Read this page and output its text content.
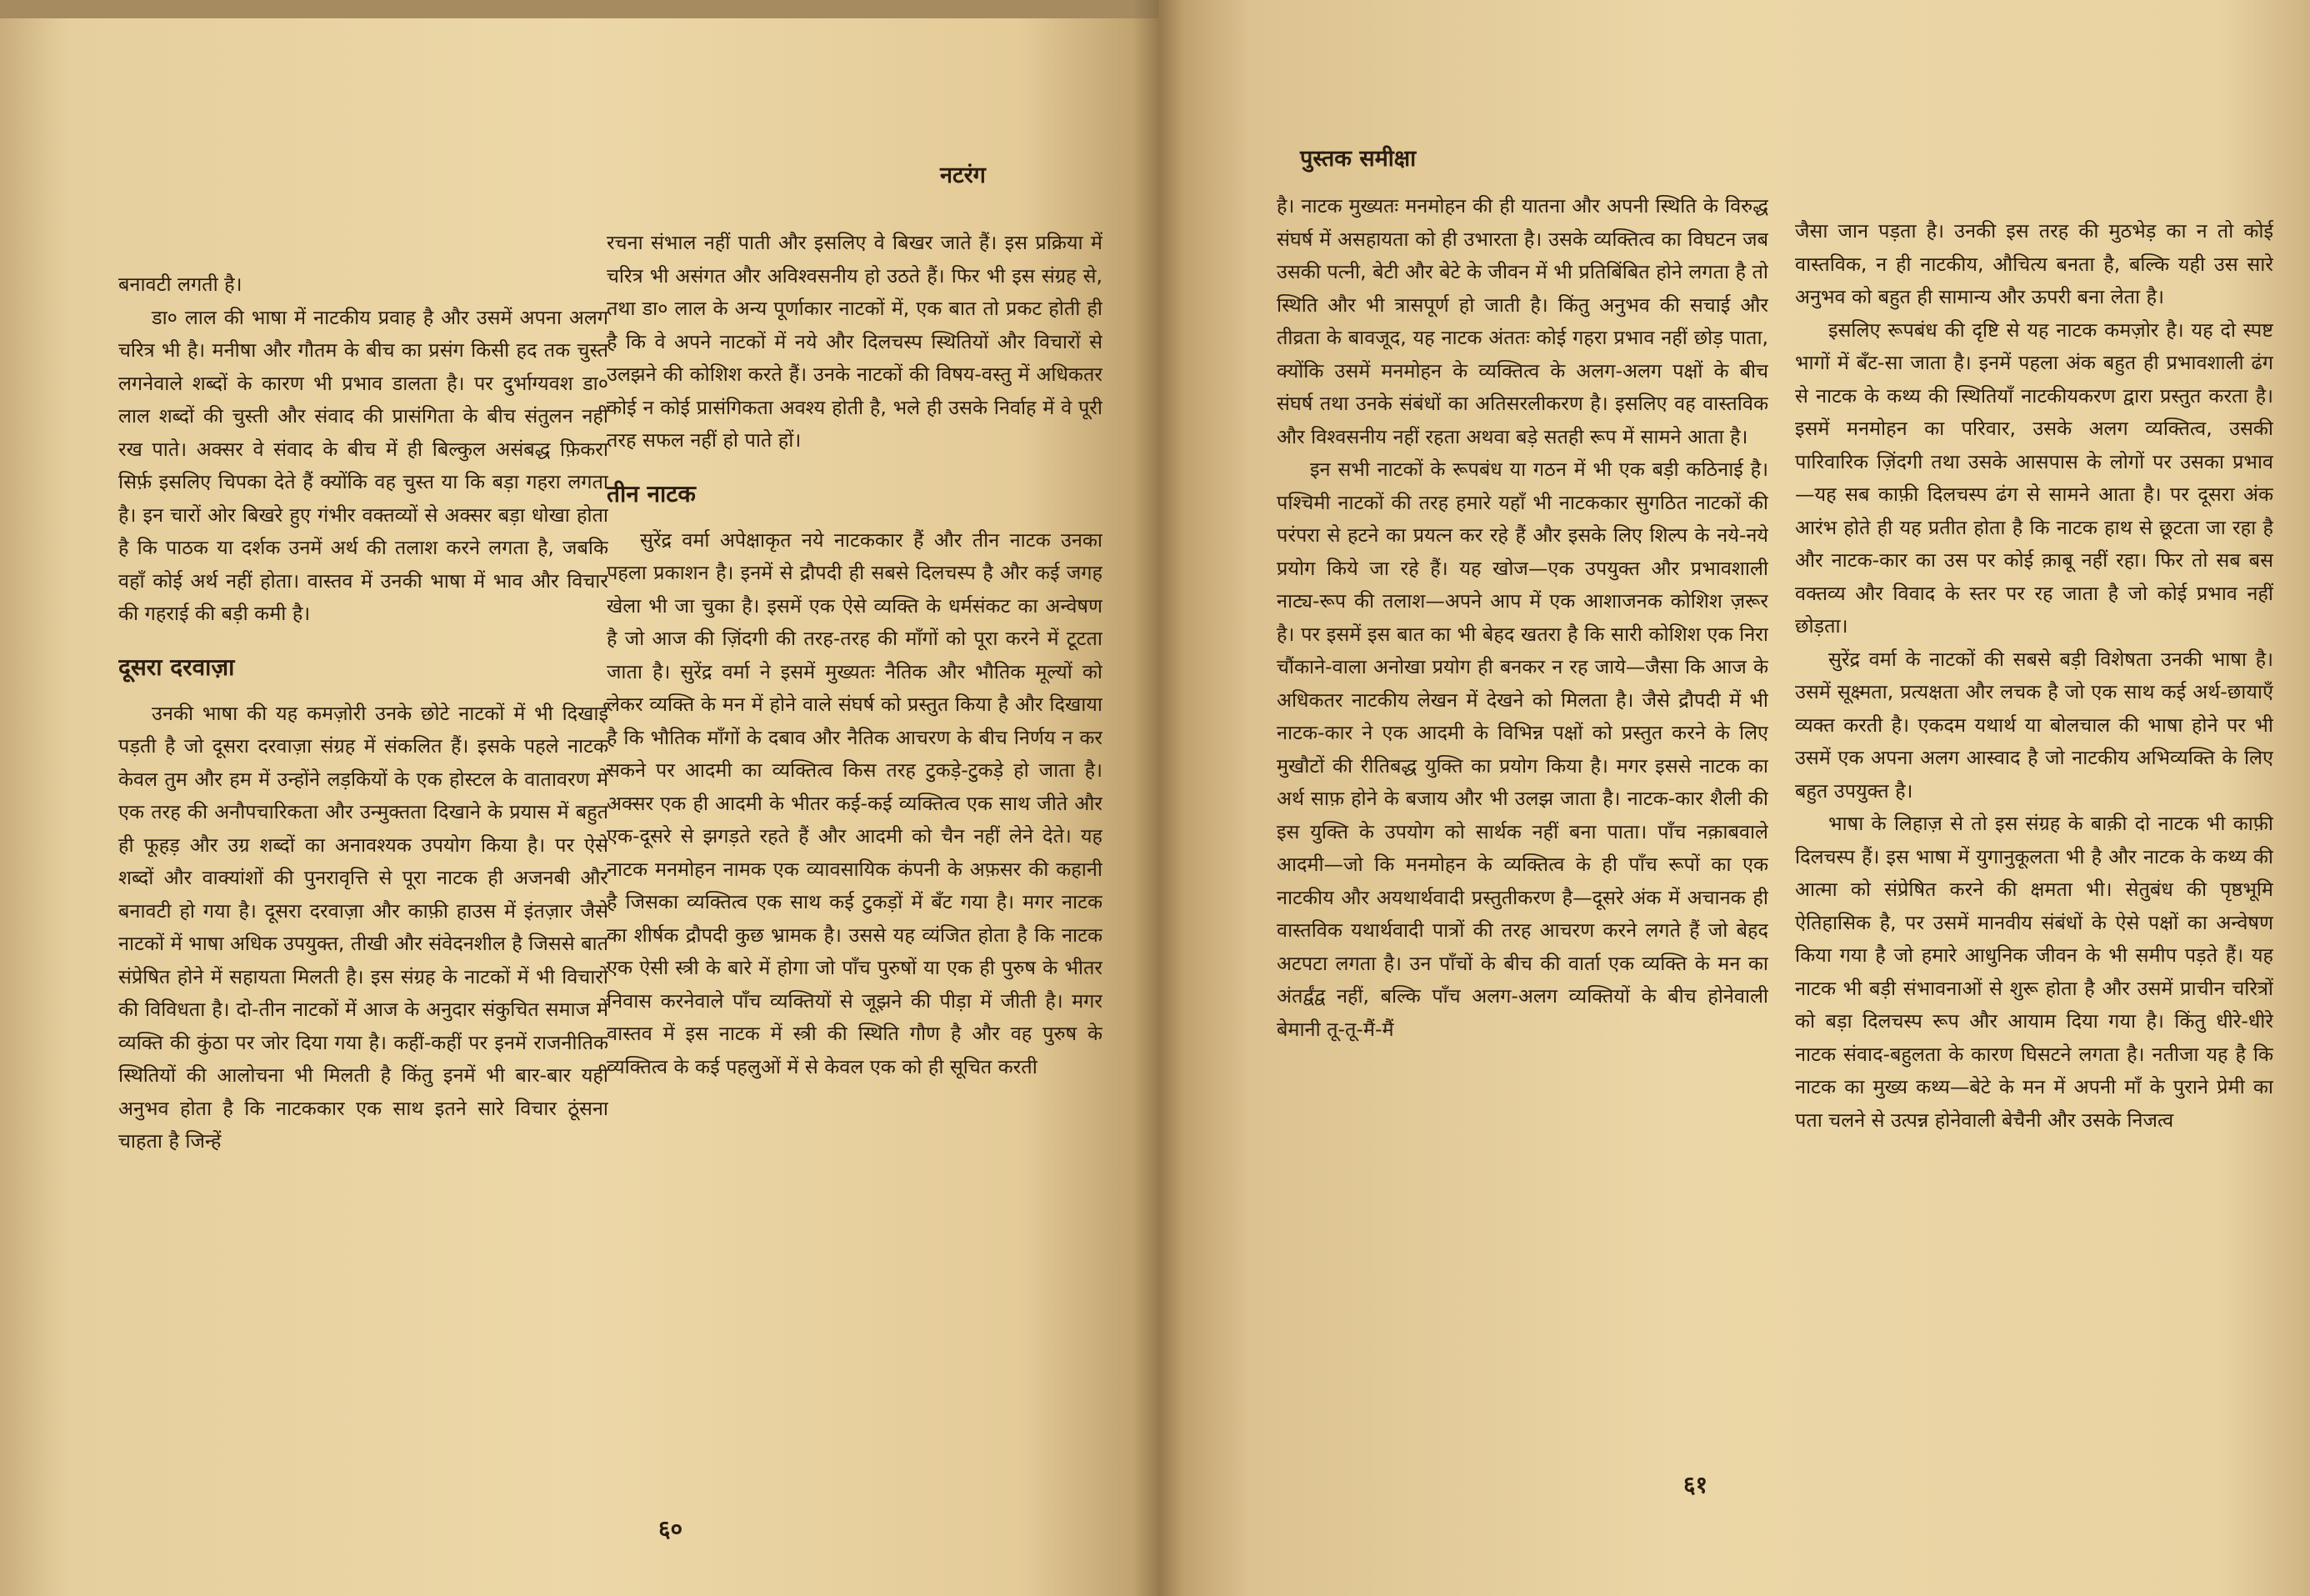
नटरंग

बनावटी लगती है।

डा० लाल की भाषा में नाटकीय प्रवाह है और उसमें अपना अलग चरित्र भी है। मनीषा और गौतम के बीच का प्रसंग किसी हद तक चुस्त लगनेवाले शब्दों के कारण भी प्रभाव डालता है। पर दुर्भाग्यवश डा० लाल शब्दों की चुस्ती और संवाद की प्रासंगिता के बीच संतुलन नहीं रख पाते। अक्सर वे संवाद के बीच में ही बिल्कुल असंबद्ध फ़िकरा सिर्फ़ इसलिए चिपका देते हैं क्योंकि वह चुस्त या कि बड़ा गहरा लगता है। इन चारों ओर बिखरे हुए गंभीर वक्तव्यों से अक्सर बड़ा धोखा होता है कि पाठक या दर्शक उनमें अर्थ की तलाश करने लगता है, जबकि वहाँ कोई अर्थ नहीं होता। वास्तव में उनकी भाषा में भाव और विचार की गहराई की बड़ी कमी है।

दूसरा दरवाज़ा

उनकी भाषा की यह कमज़ोरी उनके छोटे नाटकों में भी दिखाई पड़ती है जो दूसरा दरवाज़ा संग्रह में संकलित हैं। इसके पहले नाटक केवल तुम और हम में उन्होंने लड़कियों के एक होस्टल के वातावरण में एक तरह की अनौपचारिकता और उन्मुक्तता दिखाने के प्रयास में बहुत ही फूहड़ और उग्र शब्दों का अनावश्यक उपयोग किया है। पर ऐसे शब्दों और वाक्यांशों की पुनरावृत्ति से पूरा नाटक ही अजनबी और बनावटी हो गया है। दूसरा दरवाज़ा और काफ़ी हाउस में इंतज़ार जैसे नाटकों में भाषा अधिक उपयुक्त, तीखी और संवेदनशील है जिससे बात संप्रेषित होने में सहायता मिलती है। इस संग्रह के नाटकों में भी विचारों की विविधता है। दो-तीन नाटकों में आज के अनुदार संकुचित समाज में व्यक्ति की कुंठा पर जोर दिया गया है। कहीं-कहीं पर इनमें राजनीतिक स्थितियों की आलोचना भी मिलती है किंतु इनमें भी बार-बार यही अनुभव होता है कि नाटककार एक साथ इतने सारे विचार ठूंसना चाहता है जिन्हें

रचना संभाल नहीं पाती और इसलिए वे बिखर जाते हैं। इस प्रक्रिया में चरित्र भी असंगत और अविश्वसनीय हो उठते हैं। फिर भी इस संग्रह से, तथा डा० लाल के अन्य पूर्णाकार नाटकों में, एक बात तो प्रकट होती ही है कि वे अपने नाटकों में नये और दिलचस्प स्थितियों और विचारों से उलझने की कोशिश करते हैं। उनके नाटकों की विषय-वस्तु में अधिकतर कोई न कोई प्रासंगिकता अवश्य होती है, भले ही उसके निर्वाह में वे पूरी तरह सफल नहीं हो पाते हों।

तीन नाटक

सुरेंद्र वर्मा अपेक्षाकृत नये नाटककार हैं और तीन नाटक उनका पहला प्रकाशन है। इनमें से द्रौपदी ही सबसे दिलचस्प है और कई जगह खेला भी जा चुका है। इसमें एक ऐसे व्यक्ति के धर्मसंकट का अन्वेषण है जो आज की ज़िंदगी की तरह-तरह की माँगों को पूरा करने में टूटता जाता है। सुरेंद्र वर्मा ने इसमें मुख्यतः नैतिक और भौतिक मूल्यों को लेकर व्यक्ति के मन में होने वाले संघर्ष को प्रस्तुत किया है और दिखाया है कि भौतिक माँगों के दबाव और नैतिक आचरण के बीच निर्णय न कर सकने पर आदमी का व्यक्तित्व किस तरह टुकड़े-टुकड़े हो जाता है। अक्सर एक ही आदमी के भीतर कई-कई व्यक्तित्व एक साथ जीते और एक-दूसरे से झगड़ते रहते हैं और आदमी को चैन नहीं लेने देते। यह नाटक मनमोहन नामक एक व्यावसायिक कंपनी के अफ़सर की कहानी है जिसका व्यक्तित्व एक साथ कई टुकड़ों में बँट गया है। मगर नाटक का शीर्षक द्रौपदी कुछ भ्रामक है। उससे यह व्यंजित होता है कि नाटक एक ऐसी स्त्री के बारे में होगा जो पाँच पुरुषों या एक ही पुरुष के भीतर निवास करनेवाले पाँच व्यक्तियों से जूझने की पीड़ा में जीती है। मगर वास्तव में इस नाटक में स्त्री की स्थिति गौण है और वह पुरुष के व्यक्तित्व के कई पहलुओं में से केवल एक को ही सूचित करती

६०
पुस्तक समीक्षा

है। नाटक मुख्यतः मनमोहन की ही यातना और अपनी स्थिति के विरुद्ध संघर्ष में असहायता को ही उभारता है। उसके व्यक्तित्व का विघटन जब उसकी पत्नी, बेटी और बेटे के जीवन में भी प्रतिबिंबित होने लगता है तो स्थिति और भी त्रासपूर्ण हो जाती है। किंतु अनुभव की सचाई और तीव्रता के बावजूद, यह नाटक अंततः कोई गहरा प्रभाव नहीं छोड़ पाता, क्योंकि उसमें मनमोहन के व्यक्तित्व के अलग-अलग पक्षों के बीच संघर्ष तथा उनके संबंधों का अतिसरलीकरण है। इसलिए वह वास्तविक और विश्वसनीय नहीं रहता अथवा बड़े सतही रूप में सामने आता है।

इन सभी नाटकों के रूपबंध या गठन में भी एक बड़ी कठिनाई है। पश्चिमी नाटकों की तरह हमारे यहाँ भी नाटककार सुगठित नाटकों की परंपरा से हटने का प्रयत्न कर रहे हैं और इसके लिए शिल्प के नये-नये प्रयोग किये जा रहे हैं। यह खोज—एक उपयुक्त और प्रभावशाली नाट्य-रूप की तलाश—अपने आप में एक आशाजनक कोशिश ज़रूर है। पर इसमें इस बात का भी बेहद खतरा है कि सारी कोशिश एक निरा चौंकाने-वाला अनोखा प्रयोग ही बनकर न रह जाये—जैसा कि आज के अधिकतर नाटकीय लेखन में देखने को मिलता है। जैसे द्रौपदी में भी नाटक-कार ने एक आदमी के विभिन्न पक्षों को प्रस्तुत करने के लिए मुखौटों की रीतिबद्ध युक्ति का प्रयोग किया है। मगर इससे नाटक का अर्थ साफ़ होने के बजाय और भी उलझ जाता है। नाटक-कार शैली की इस युक्ति के उपयोग को सार्थक नहीं बना पाता। पाँच नक़ाबवाले आदमी—जो कि मनमोहन के व्यक्तित्व के ही पाँच रूपों का एक नाटकीय और अयथार्थवादी प्रस्तुतीकरण है—दूसरे अंक में अचानक ही वास्तविक यथार्थवादी पात्रों की तरह आचरण करने लगते हैं जो बेहद अटपटा लगता है। उन पाँचों के बीच की वार्ता एक व्यक्ति के मन का अंतर्द्वंद्व नहीं, बल्कि पाँच अलग-अलग व्यक्तियों के बीच होनेवाली बेमानी तू-तू-मैं-मैं

जैसा जान पड़ता है। उनकी इस तरह की मुठभेड़ का न तो कोई वास्तविक, न ही नाटकीय, औचित्य बनता है, बल्कि यही उस सारे अनुभव को बहुत ही सामान्य और ऊपरी बना लेता है।

इसलिए रूपबंध की दृष्टि से यह नाटक कमज़ोर है। यह दो स्पष्ट भागों में बँट-सा जाता है। इनमें पहला अंक बहुत ही प्रभावशाली ढंग से नाटक के कथ्य की स्थितियाँ नाटकीयकरण द्वारा प्रस्तुत करता है। इसमें मनमोहन का परिवार, उसके अलग व्यक्तित्व, उसकी पारिवारिक ज़िंदगी तथा उसके आसपास के लोगों पर उसका प्रभाव—यह सब काफ़ी दिलचस्प ढंग से सामने आता है। पर दूसरा अंक आरंभ होते ही यह प्रतीत होता है कि नाटक हाथ से छूटता जा रहा है और नाटक-कार का उस पर कोई क़ाबू नहीं रहा। फिर तो सब बस वक्तव्य और विवाद के स्तर पर रह जाता है जो कोई प्रभाव नहीं छोड़ता।

सुरेंद्र वर्मा के नाटकों की सबसे बड़ी विशेषता उनकी भाषा है। उसमें सूक्ष्मता, प्रत्यक्षता और लचक है जो एक साथ कई अर्थ-छायाएँ व्यक्त करती है। एकदम यथार्थ या बोलचाल की भाषा होने पर भी उसमें एक अपना अलग आस्वाद है जो नाटकीय अभिव्यक्ति के लिए बहुत उपयुक्त है।

भाषा के लिहाज़ से तो इस संग्रह के बाक़ी दो नाटक भी काफ़ी दिलचस्प हैं। इस भाषा में युगानुकूलता भी है और नाटक के कथ्य की आत्मा को संप्रेषित करने की क्षमता भी। सेतुबंध की पृष्ठभूमि ऐतिहासिक है, पर उसमें मानवीय संबंधों के ऐसे पक्षों का अन्वेषण किया गया है जो हमारे आधुनिक जीवन के भी समीप पड़ते हैं। यह नाटक भी बड़ी संभावनाओं से शुरू होता है और उसमें प्राचीन चरित्रों को बड़ा दिलचस्प रूप और आयाम दिया गया है। किंतु धीरे-धीरे नाटक संवाद-बहुलता के कारण घिसटने लगता है। नतीजा यह है कि नाटक का मुख्य कथ्य—बेटे के मन में अपनी माँ के पुराने प्रेमी का पता चलने से उत्पन्न होनेवाली बेचैनी और उसके निजत्व

६१
